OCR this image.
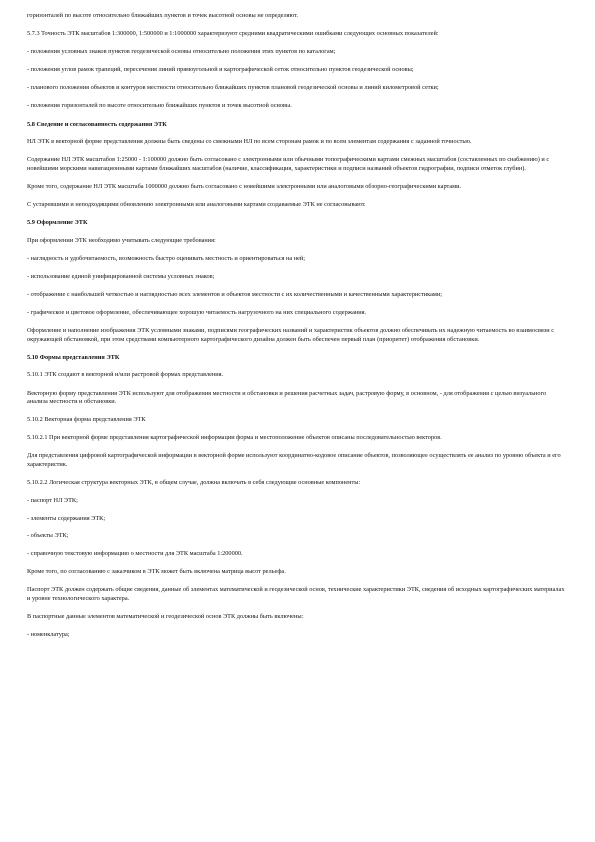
горизонталей по высоте относительно ближайших пунктов и точек высотной основы не определяют.

5.7.3 Точность ЭТК масштабов 1:300000, 1:500000 и 1:1000000 характеризуют средними квадратическими ошибками следующих основных показателей:

- положения условных знаков пунктов геодезической основы относительно положения этих пунктов по каталогам;

- положения углов рамок трапеций, пересечения линий прямоугольной и картографической сеток относительно пунктов геодезической основы;

- планового положения объектов и контуров местности относительно ближайших пунктов плановой геодезической основы и линий километровой сетки;

- положения горизонталей по высоте относительно ближайших пунктов и точек высотной основы.

5.8 Сведение и согласованность содержания ЭТК

НЛ ЭТК в векторной форме представления должны быть сведены со смежными НЛ по всем сторонам рамок и по всем элементам содержания с заданной точностью.

Содержание НЛ ЭТК масштабов 1:25000 - 1:100000 должно быть согласовано с электронными или обычными топографическими картами смежных масштабов (составленных по снабжению) и с новейшими морскими навигационными картами ближайших масштабов (наличие, классификация, характеристики и подписи названий объектов гидрографии, подписи отметок глубин).

Кроме того, содержание НЛ ЭТК масштаба 1000000 должно быть согласовано с новейшими электронными или аналоговыми обзорно-географическими картами.

С устаревшими и неподходящими обновлению электронными или аналоговыми картами создаваемые ЭТК не согласовывают.

5.9 Оформление ЭТК

При оформлении ЭТК необходимо учитывать следующие требования:

- наглядность и удобочитаемость, возможность быстро оценивать местность и ориентироваться на ней;

- использование единой унифицированной системы условных знаков;

- отображение с наибольшей четкостью и наглядностью всех элементов и объектов местности с их количественными и качественными характеристиками;

- графическое и цветовое оформление, обеспечивающее хорошую читаемость нагрузочного на них специального содержания.

Оформление и наполнение изображения ЭТК условными знаками, подписями географических названий и характеристик объектов должно обеспечивать их надежную читаемость во взаимосвязи с окружающей обстановкой, при этом средствами компьютерного картографического дизайна должен быть обеспечен первый план (приоритет) отображения обстановки.

5.10 Формы представления ЭТК

5.10.1 ЭТК создают в векторной и/или растровой формах представления.

Векторную форму представления ЭТК используют для отображения местности и обстановки и решения расчетных задач, растровую форму, в основном, - для отображения с целью визуального анализа местности и обстановки.

5.10.2 Векторная форма представления ЭТК

5.10.2.1 При векторной форме представления картографической информации форма и местоположение объектов описаны последовательностью векторов.

Для представления цифровой картографической информации в векторной форме используют координатно-кодовое описание объектов, позволяющее осуществлять ее анализ по уровню объекта и его характеристик.

5.10.2.2 Логическая структура векторных ЭТК, в общем случае, должна включать в себя следующие основные компоненты:

- паспорт НЛ ЭТК;

- элементы содержания ЭТК;

- объекты ЭТК;

- справочную текстовую информацию о местности для ЭТК масштаба 1:200000.

Кроме того, по согласованию с заказчиком в ЭТК может быть включена матрица высот рельефа.

Паспорт ЭТК должен содержать общие сведения, данные об элементах математической и геодезической основ, технические характеристики ЭТК, сведения об исходных картографических материалах и уровне технологического характера.

В паспортные данные элементов математической и геодезической основ ЭТК должны быть включены:

- номенклатура;
